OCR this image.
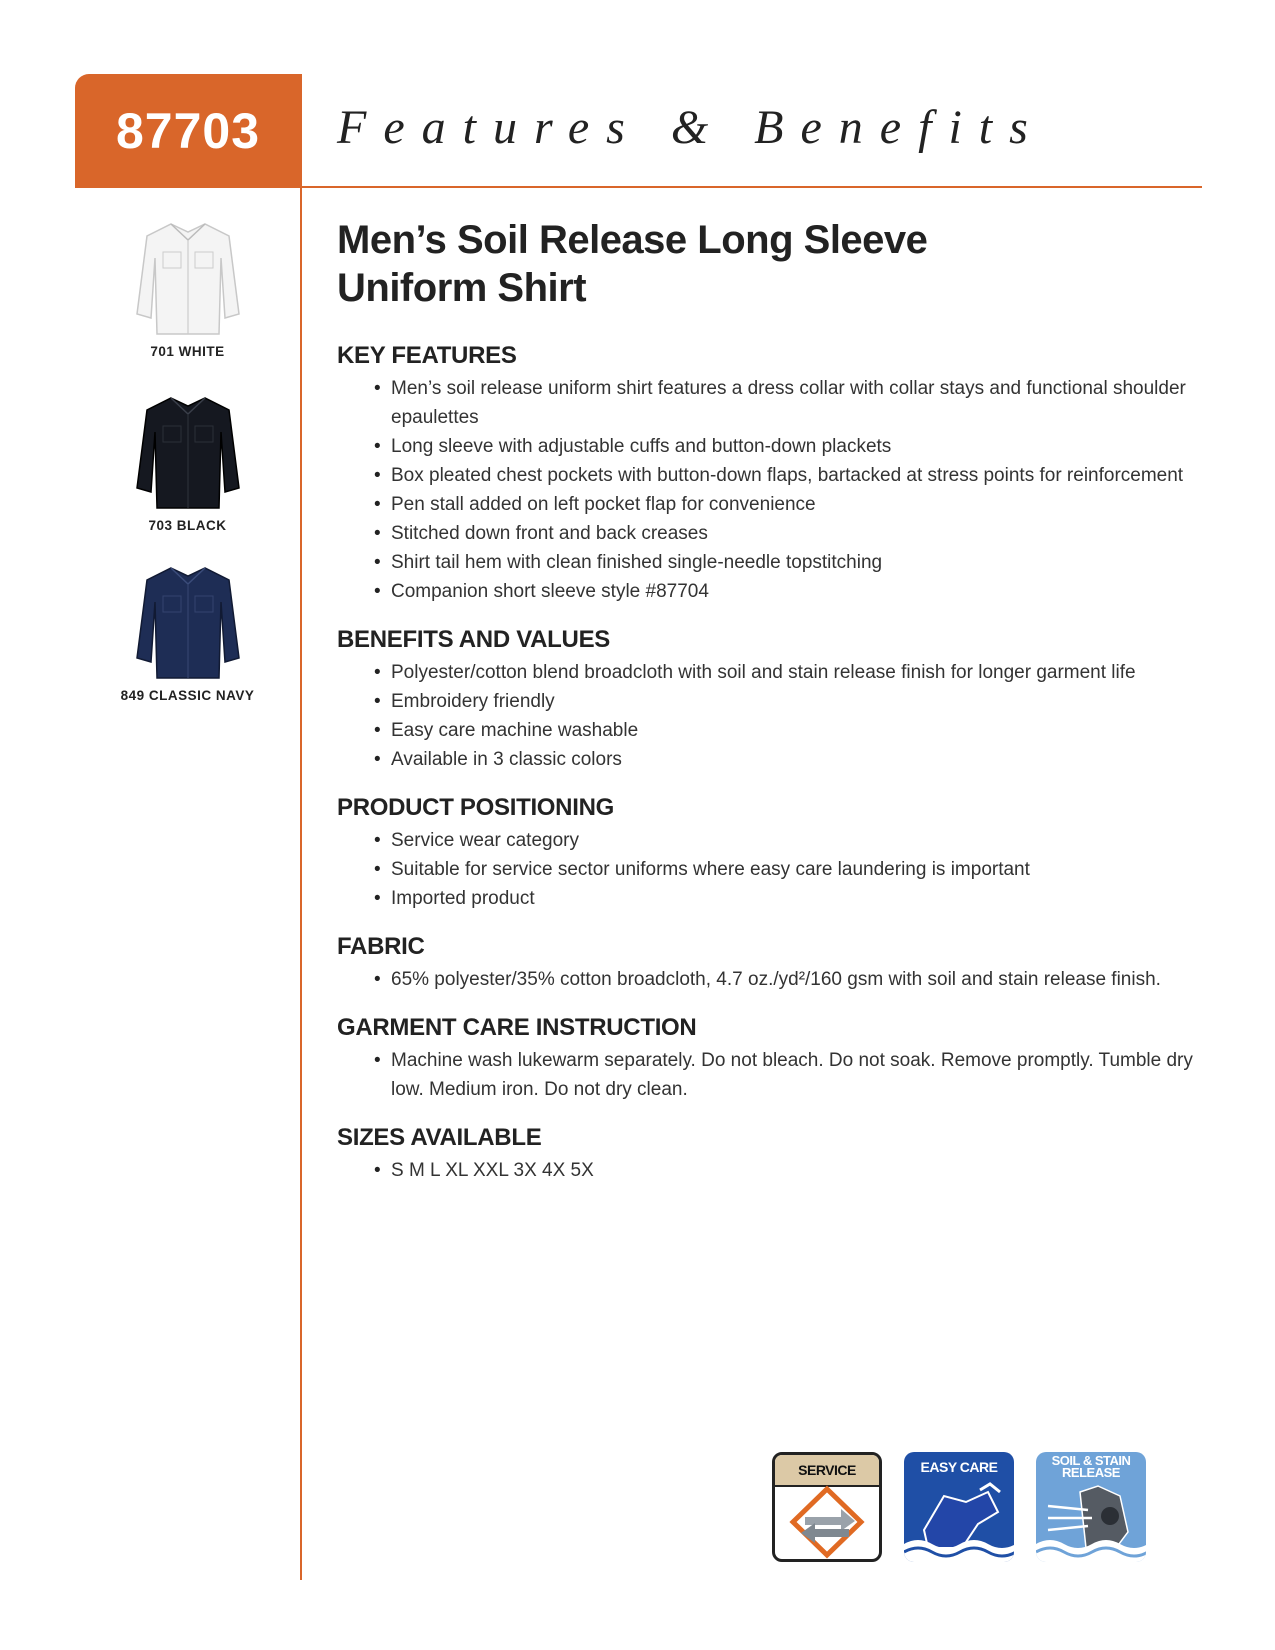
87703 Features & Benefits
701 WHITE
703 BLACK
849 CLASSIC NAVY
Men’s Soil Release Long Sleeve
Uniform Shirt
KEY FEATURES
• Men’s soil release uniform shirt features a dress collar with collar stays and functional shoulder epaulettes
• Long sleeve with adjustable cuffs and button-down plackets
• Box pleated chest pockets with button-down flaps, bartacked at stress points for reinforcement
• Pen stall added on left pocket flap for convenience
• Stitched down front and back creases
• Shirt tail hem with clean finished single-needle topstitching
• Companion short sleeve style #87704
BENEFITS AND VALUES
• Polyester/cotton blend broadcloth with soil and stain release finish for longer garment life
• Embroidery friendly
• Easy care machine washable
• Available in 3 classic colors
PRODUCT POSITIONING
• Service wear category
• Suitable for service sector uniforms where easy care laundering is important
• Imported product
FABRIC
• 65% polyester/35% cotton broadcloth, 4.7 oz./yd²/160 gsm with soil and stain release finish.
GARMENT CARE INSTRUCTION
• Machine wash lukewarm separately. Do not bleach. Do not soak. Remove promptly. Tumble dry low. Medium iron. Do not dry clean.
SIZES AVAILABLE
• S M L XL XXL 3X 4X 5X
SERVICE	EASY CARE	SOIL & STAIN
RELEASE
